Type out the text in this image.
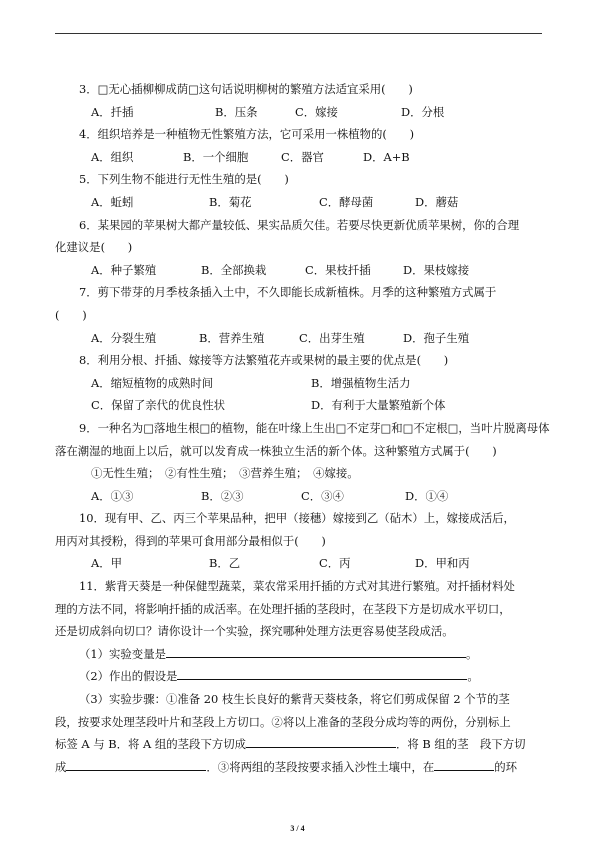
3．□无心插柳柳成荫□这句话说明柳树的繁殖方法适宜采用(　　)
A．扦插	B．压条	C．嫁接	D．分根
4．组织培养是一种植物无性繁殖方法，它可采用一株植物的(　　)
A．组织	B．一个细胞	C．器官	D．A+B
5．下列生物不能进行无性生殖的是(　　)
A．蚯蚓	B．菊花	C．酵母菌	D．蘑菇
6．某果园的苹果树大都产量较低、果实品质欠佳。若要尽快更新优质苹果树，你的合理
化建议是(　　)
A．种子繁殖	B．全部换栽	C．果枝扦插	D．果枝嫁接
7．剪下带芽的月季枝条插入土中，不久即能长成新植株。月季的这种繁殖方式属于
(　　)
A．分裂生殖	B．营养生殖	C．出芽生殖	D．孢子生殖
8．利用分根、扦插、嫁接等方法繁殖花卉或果树的最主要的优点是(　　)
A．缩短植物的成熟时间	B．增强植物生活力
C．保留了亲代的优良性状	D．有利于大量繁殖新个体
9．一种名为□落地生根□的植物，能在叶缘上生出□不定芽□和□不定根□，当叶片脱离母体
落在潮湿的地面上以后，就可以发育成一株独立生活的新个体。这种繁殖方式属于(　　)
①无性生殖；　②有性生殖；　③营养生殖；　④嫁接。
A．①③	B．②③	C．③④	D．①④
10．现有甲、乙、丙三个苹果品种，把甲（接穗）嫁接到乙（砧木）上，嫁接成活后，
用丙对其授粉，得到的苹果可食用部分最相似于(　　)
A．甲	B．乙	C．丙	D．甲和丙
11．紫背天葵是一种保健型蔬菜，菜农常采用扦插的方式对其进行繁殖。对扦插材料处
理的方法不同，将影响扦插的成活率。在处理扦插的茎段时，在茎段下方是切成水平切口，
还是切成斜向切口？请你设计一个实验，探究哪种处理方法更容易使茎段成活。
（1）实验变量是	。
（2）作出的假设是	。
（3）实验步骤：①准备 20 枝生长良好的紫背天葵枝条，将它们剪成保留 2 个节的茎
段，按要求处理茎段叶片和茎段上方切口。②将以上准备的茎段分成均等的两份，分别标上
标签 A 与 B．将 A 组的茎段下方切成	．将 B 组的茎　段下方切
成	．③将两组的茎段按要求插入沙性土壤中，在	的环
3 / 4
